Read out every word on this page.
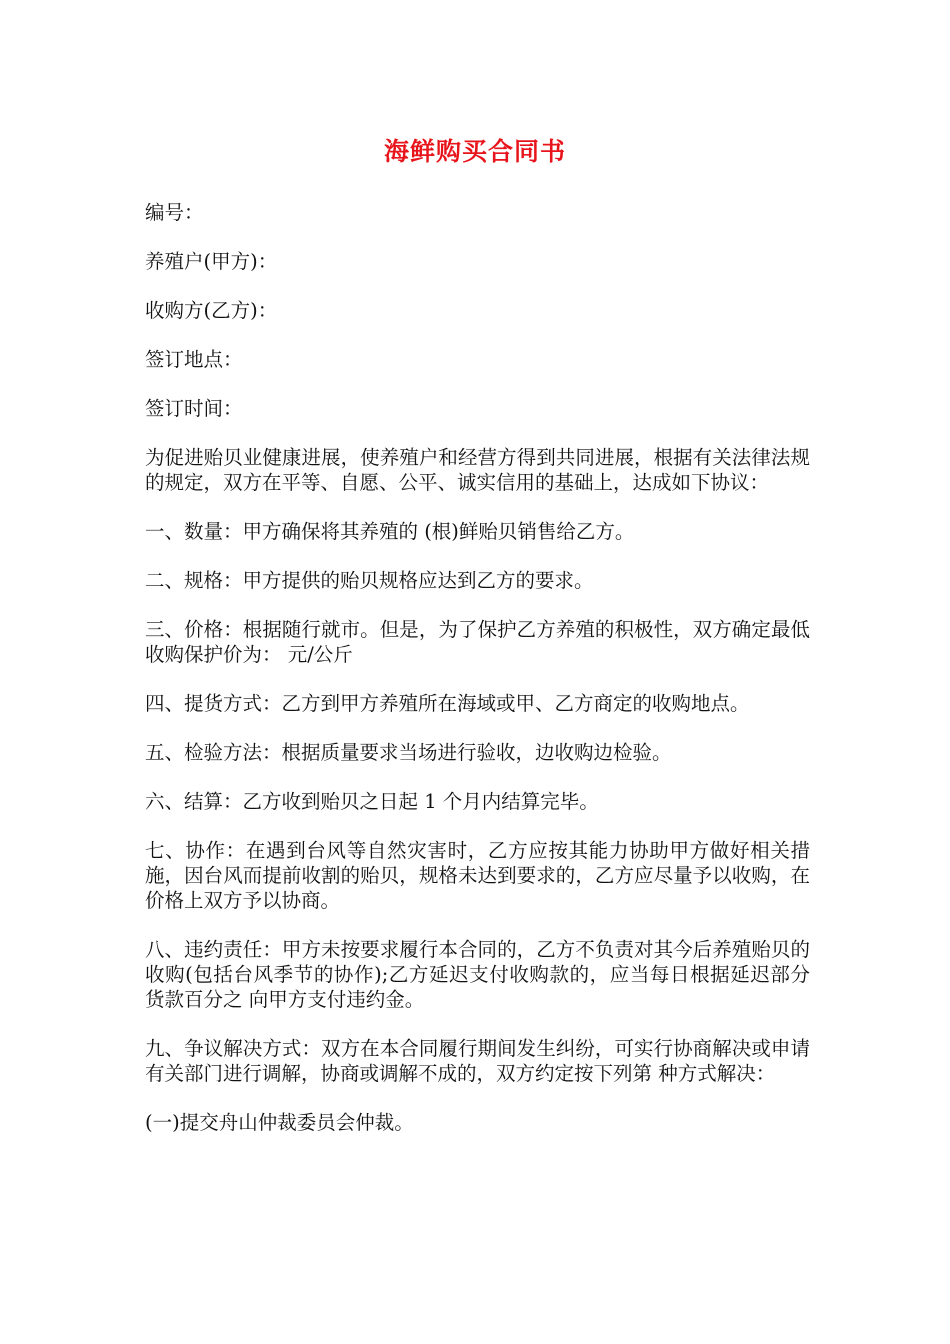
海鲜购买合同书

编号：

养殖户(甲方)：

收购方(乙方)：

签订地点：

签订时间：

为促进贻贝业健康进展，使养殖户和经营方得到共同进展，根据有关法律法规的规定，双方在平等、自愿、公平、诚实信用的基础上，达成如下协议：

一、数量：甲方确保将其养殖的 (根)鲜贻贝销售给乙方。

二、规格：甲方提供的贻贝规格应达到乙方的要求。

三、价格：根据随行就市。但是，为了保护乙方养殖的积极性，双方确定最低收购保护价为： 元/公斤

四、提货方式：乙方到甲方养殖所在海域或甲、乙方商定的收购地点。

五、检验方法：根据质量要求当场进行验收，边收购边检验。

六、结算：乙方收到贻贝之日起 1 个月内结算完毕。

七、协作：在遇到台风等自然灾害时，乙方应按其能力协助甲方做好相关措施，因台风而提前收割的贻贝，规格未达到要求的，乙方应尽量予以收购，在价格上双方予以协商。

八、违约责任：甲方未按要求履行本合同的，乙方不负责对其今后养殖贻贝的收购(包括台风季节的协作);乙方延迟支付收购款的，应当每日根据延迟部分货款百分之 向甲方支付违约金。

九、争议解决方式：双方在本合同履行期间发生纠纷，可实行协商解决或申请有关部门进行调解，协商或调解不成的，双方约定按下列第 种方式解决：

(一)提交舟山仲裁委员会仲裁。
